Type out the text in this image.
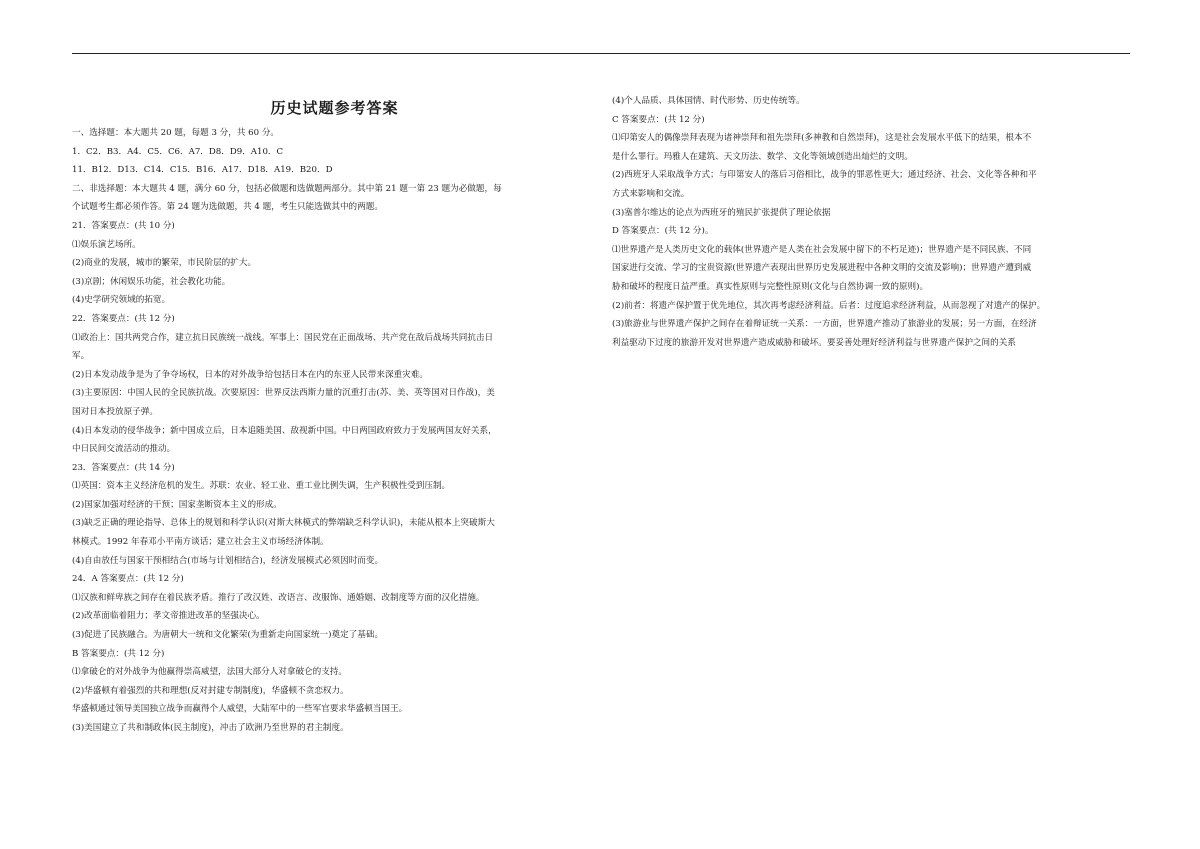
历史试题参考答案
一、选择题：本大题共 20 题，每题 3 分，共 60 分。
1．C2．B3．A4．C5．C6．A7．D8．D9．A10．C
11．B12．D13．C14．C15．B16．A17．D18．A19．B20．D
二、非选择题：本大题共 4 题，满分 60 分，包括必做题和选做题两部分。其中第 21 题一第 23 题为必做题，每
个试题考生都必须作答。第 24 题为选做题，共 4 题，考生只能选做其中的两题。
21．答案要点：(共 10 分)
⑴娱乐演艺场所。
(2)商业的发展，城市的繁荣，市民阶层的扩大。
(3)京剧；休闲娱乐功能，社会教化功能。
(4)史学研究领域的拓宽。
22．答案要点：(共 12 分)
⑴政治上：国共两党合作，建立抗日民族统一战线。军事上：国民党在正面战场、共产党在敌后战场共同抗击日
军。
(2)日本发动战争是为了争夺场权，日本的对外战争给包括日本在内的东亚人民带来深重灾难。
(3)主要原因：中国人民的全民族抗战。次要原因：世界反法西斯力量的沉重打击(苏、美、英等国对日作战)，美
国对日本投放原子弹。
(4)日本发动的侵华战争；新中国成立后，日本追随美国、敌视新中国。中日两国政府致力于发展两国友好关系，
中日民间交流活动的推动。
23．答案要点：(共 14 分)
⑴英国：资本主义经济危机的发生。苏联：农业、轻工业、重工业比例失调，生产积极性受到压制。
(2)国家加强对经济的干预；国家垄断资本主义的形成。
(3)缺乏正确的理论指导、总体上的规划和科学认识(对斯大林模式的弊端缺乏科学认识)，未能从根本上突破斯大
林模式。1992 年春邓小平南方谈话；建立社会主义市场经济体制。
(4)自由放任与国家干预相结合(市场与计划相结合)，经济发展模式必须因时而变。
24．A 答案要点：(共 12 分)
⑴汉族和鲜卑族之间存在着民族矛盾。推行了改汉姓、改语言、改服饰、通婚姻、改制度等方面的汉化措施。
(2)改革面临着阻力；孝文帝推进改革的坚强决心。
(3)促进了民族融合。为唐朝大一统和文化繁荣(为重新走向国家统一)奠定了基础。
B 答案要点：(共 12 分)
⑴拿破仑的对外战争为他赢得崇高威望，法国大部分人对拿破仑的支持。
(2)华盛顿有着强烈的共和理想(反对封建专制制度)，华盛顿不贪恋权力。
华盛顿通过领导美国独立战争而赢得个人威望，大陆军中的一些军官要求华盛顿当国王。
(3)美国建立了共和制政体(民主制度)，冲击了欧洲乃至世界的君主制度。
(4)个人品质、具体国情、时代形势、历史传统等。
C 答案要点：(共 12 分)
⑴印第安人的偶像崇拜表现为诸神崇拜和祖先崇拜(多神教和自然崇拜)，这是社会发展水平低下的结果，根本不
是什么罪行。玛雅人在建筑、天文历法、数学、文化等领域创造出灿烂的文明。
(2)西班牙人采取战争方式；与印第安人的落后习俗相比，战争的罪恶性更大；通过经济、社会、文化等各种和平
方式来影响和交流。
(3)塞普尔维达的论点为西班牙的殖民扩张提供了理论依据
D 答案要点：(共 12 分)。
⑴世界遗产是人类历史文化的载体(世界遗产是人类在社会发展中留下的不朽足迹)；世界遗产是不同民族、不同
国家进行交流、学习的宝贵资源(世界遗产表现出世界历史发展进程中各种文明的交流及影响)；世界遗产遭到威
胁和破坏的程度日益严重。真实性原则与完整性原则(文化与自然协调一致的原则)。
(2)前者：将遗产保护置于优先地位，其次再考虑经济利益。后者：过度追求经济利益，从而忽视了对遗产的保护。
(3)旅游业与世界遗产保护之间存在着辩证统一关系：一方面，世界遗产推动了旅游业的发展；另一方面，在经济
利益驱动下过度的旅游开发对世界遗产造成威胁和破坏。要妥善处理好经济利益与世界遗产保护之间的关系
